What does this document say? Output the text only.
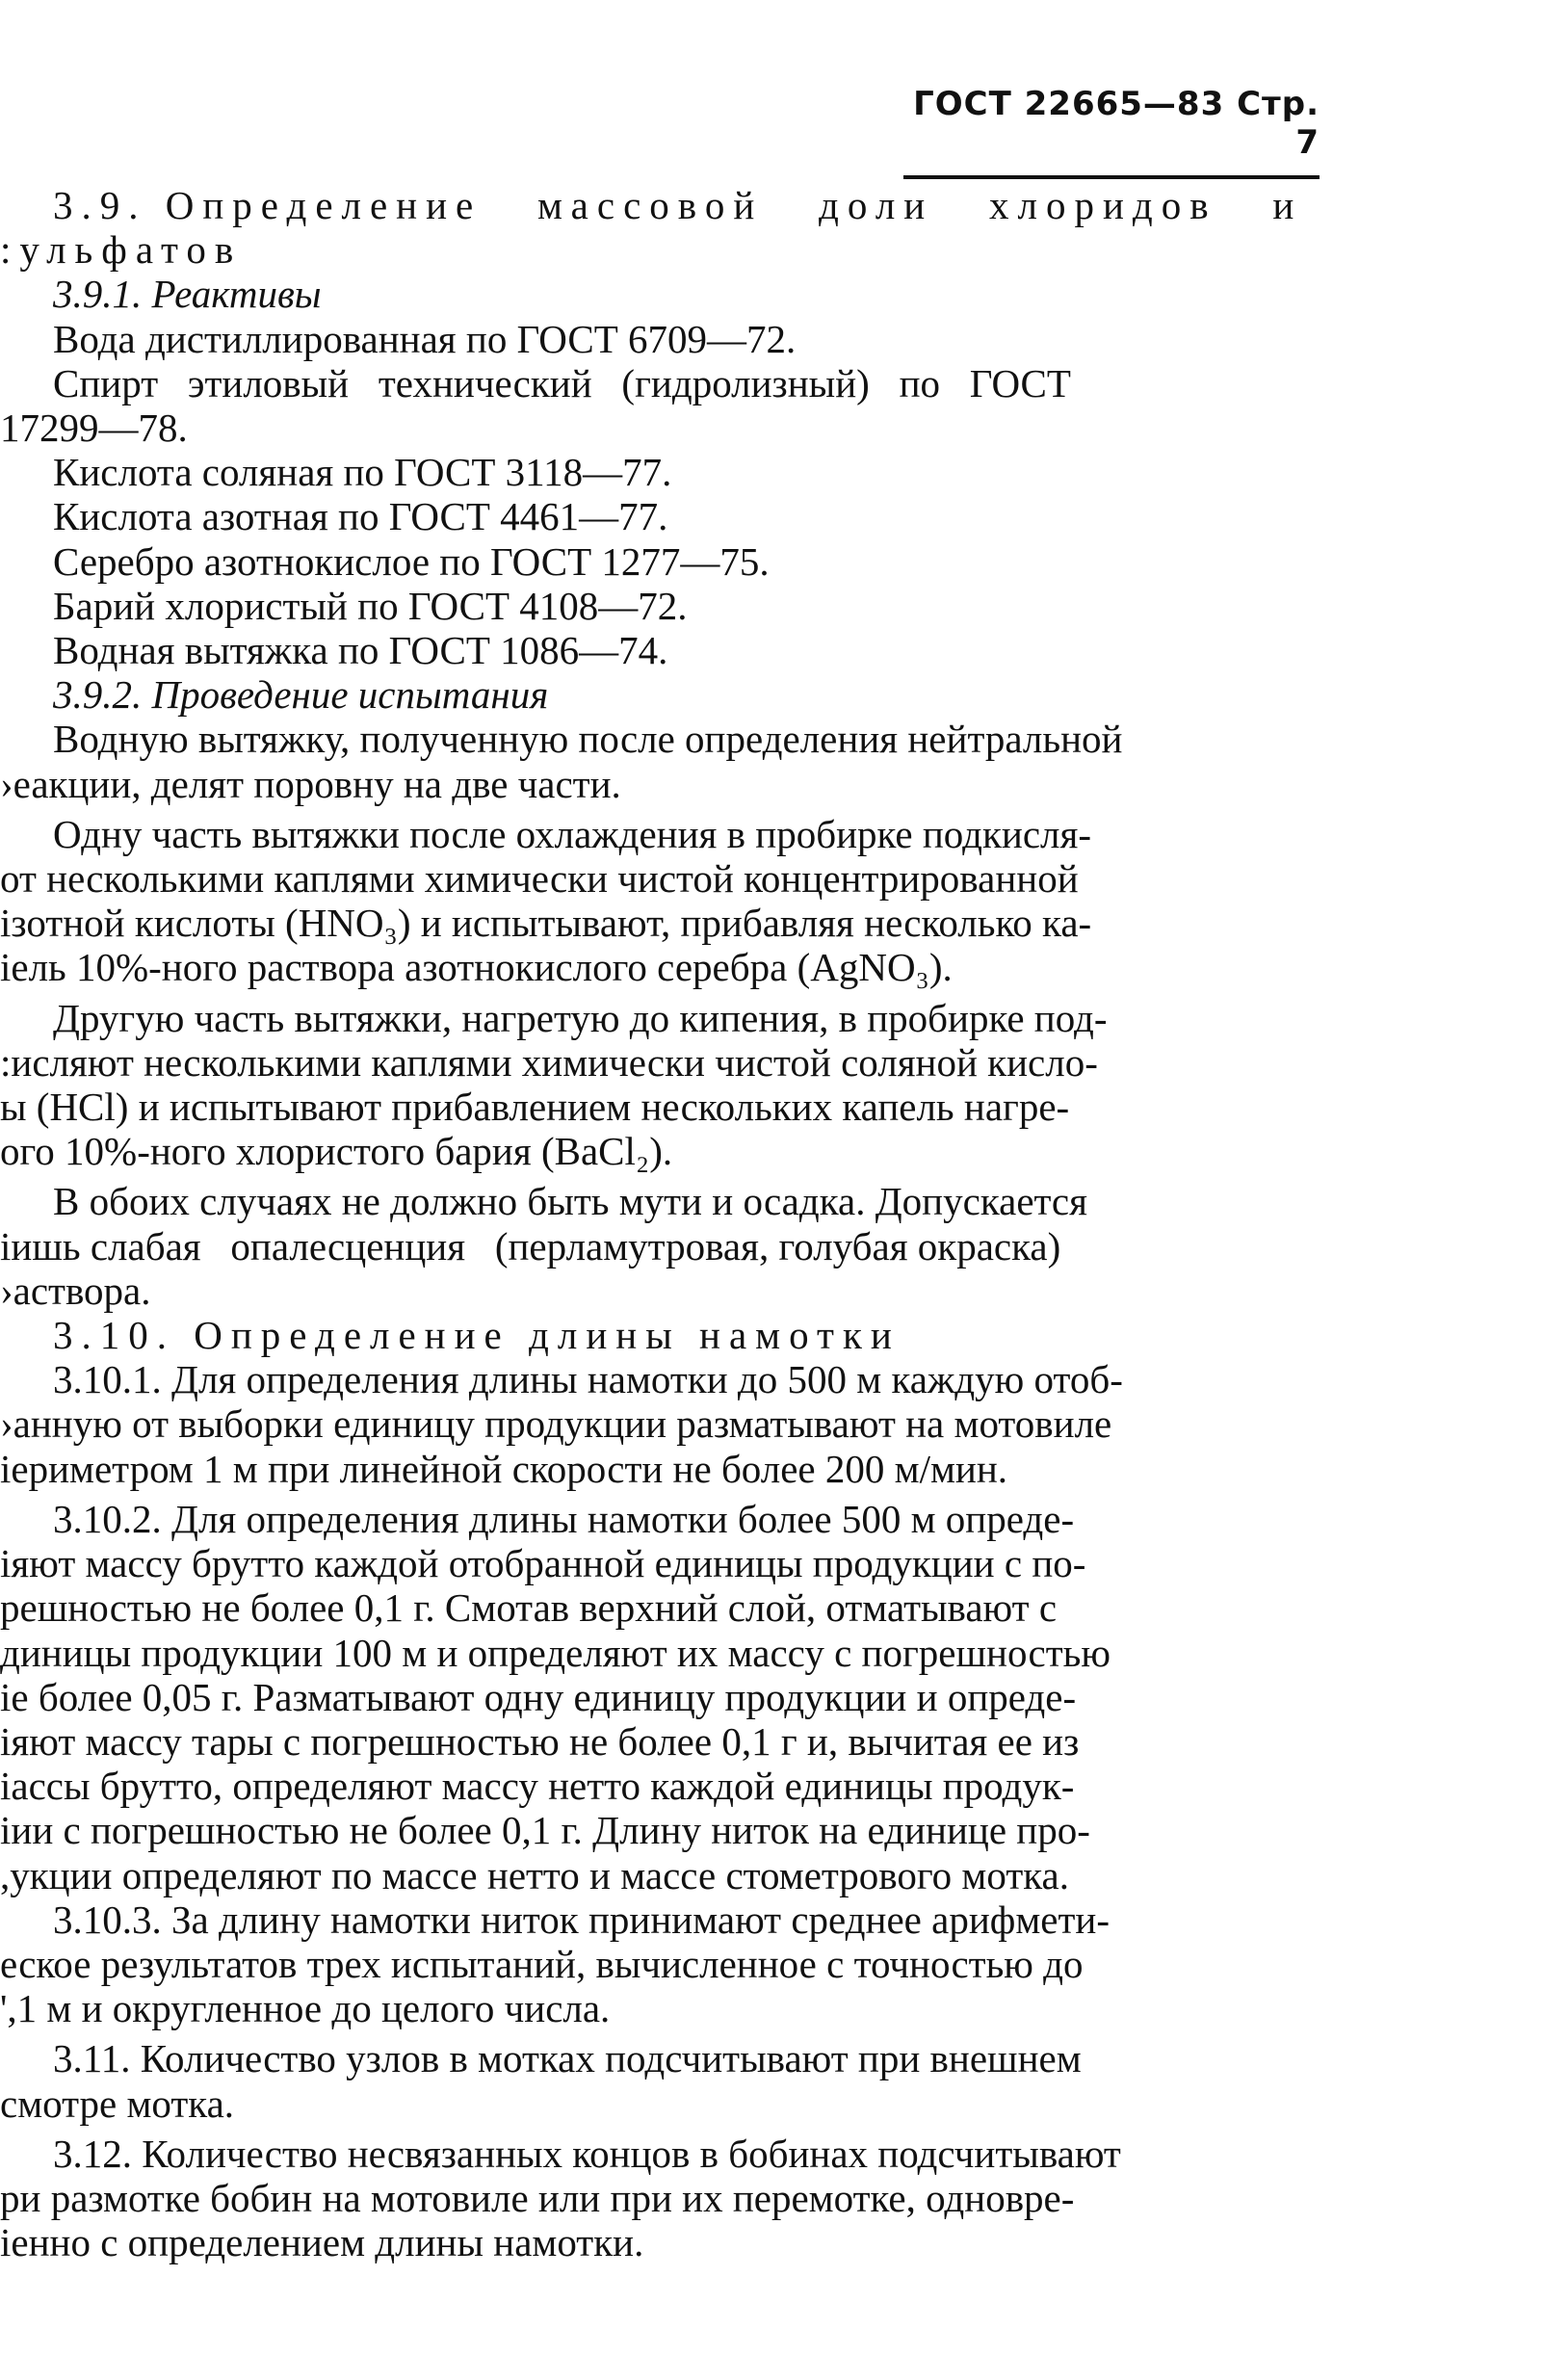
ГОСТ 22665—83 Стр. 7
3.9. Определение   массовой   доли   хлоридов   и
:ульфатов
3.9.1. Реактивы
Вода дистиллированная по ГОСТ 6709—72.
Спирт   этиловый   технический   (гидролизный)   по   ГОСТ
17299—78.
Кислота соляная по ГОСТ 3118—77.
Кислота азотная по ГОСТ 4461—77.
Серебро азотнокислое по ГОСТ 1277—75.
Барий хлористый по ГОСТ 4108—72.
Водная вытяжка по ГОСТ 1086—74.
3.9.2. Проведение испытания
Водную вытяжку, полученную после определения нейтральной
›еакции, делят поровну на две части.
Одну часть вытяжки после охлаждения в пробирке подкисля-
от несколькими каплями химически чистой концентрированной
ізотной кислоты (HNO₃) и испытывают, прибавляя несколько ка-
іель 10%-ного раствора азотнокислого серебра (AgNO₃).
Другую часть вытяжки, нагретую до кипения, в пробирке под-
:исляют несколькими каплями химически чистой соляной кисло-
ы (HCl) и испытывают прибавлением нескольких капель нагре-
ого 10%-ного хлористого бария (BaCl₂).
В обоих случаях не должно быть мути и осадка. Допускается
іишь слабая   опалесценция   (перламутровая, голубая окраска)
›аствора.
3.10. Определение длины намотки
3.10.1. Для определения длины намотки до 500 м каждую отоб-
›анную от выборки единицу продукции разматывают на мотовиле
іериметром 1 м при линейной скорости не более 200 м/мин.
3.10.2. Для определения длины намотки более 500 м опреде-
іяют массу брутто каждой отобранной единицы продукции с по-
решностью не более 0,1 г. Смотав верхний слой, отматывают с
диницы продукции 100 м и определяют их массу с погрешностью
іе более 0,05 г. Разматывают одну единицу продукции и опреде-
іяют массу тары с погрешностью не более 0,1 г и, вычитая ее из
іассы брутто, определяют массу нетто каждой единицы продук-
іии с погрешностью не более 0,1 г. Длину ниток на единице про-
,укции определяют по массе нетто и массе стометрового мотка.
3.10.3. За длину намотки ниток принимают среднее арифмети-
еское результатов трех испытаний, вычисленное с точностью до
',1 м и округленное до целого числа.
3.11. Количество узлов в мотках подсчитывают при внешнем
смотре мотка.
3.12. Количество несвязанных концов в бобинах подсчитывают
ри размотке бобин на мотовиле или при их перемотке, одновре-
іенно с определением длины намотки.
